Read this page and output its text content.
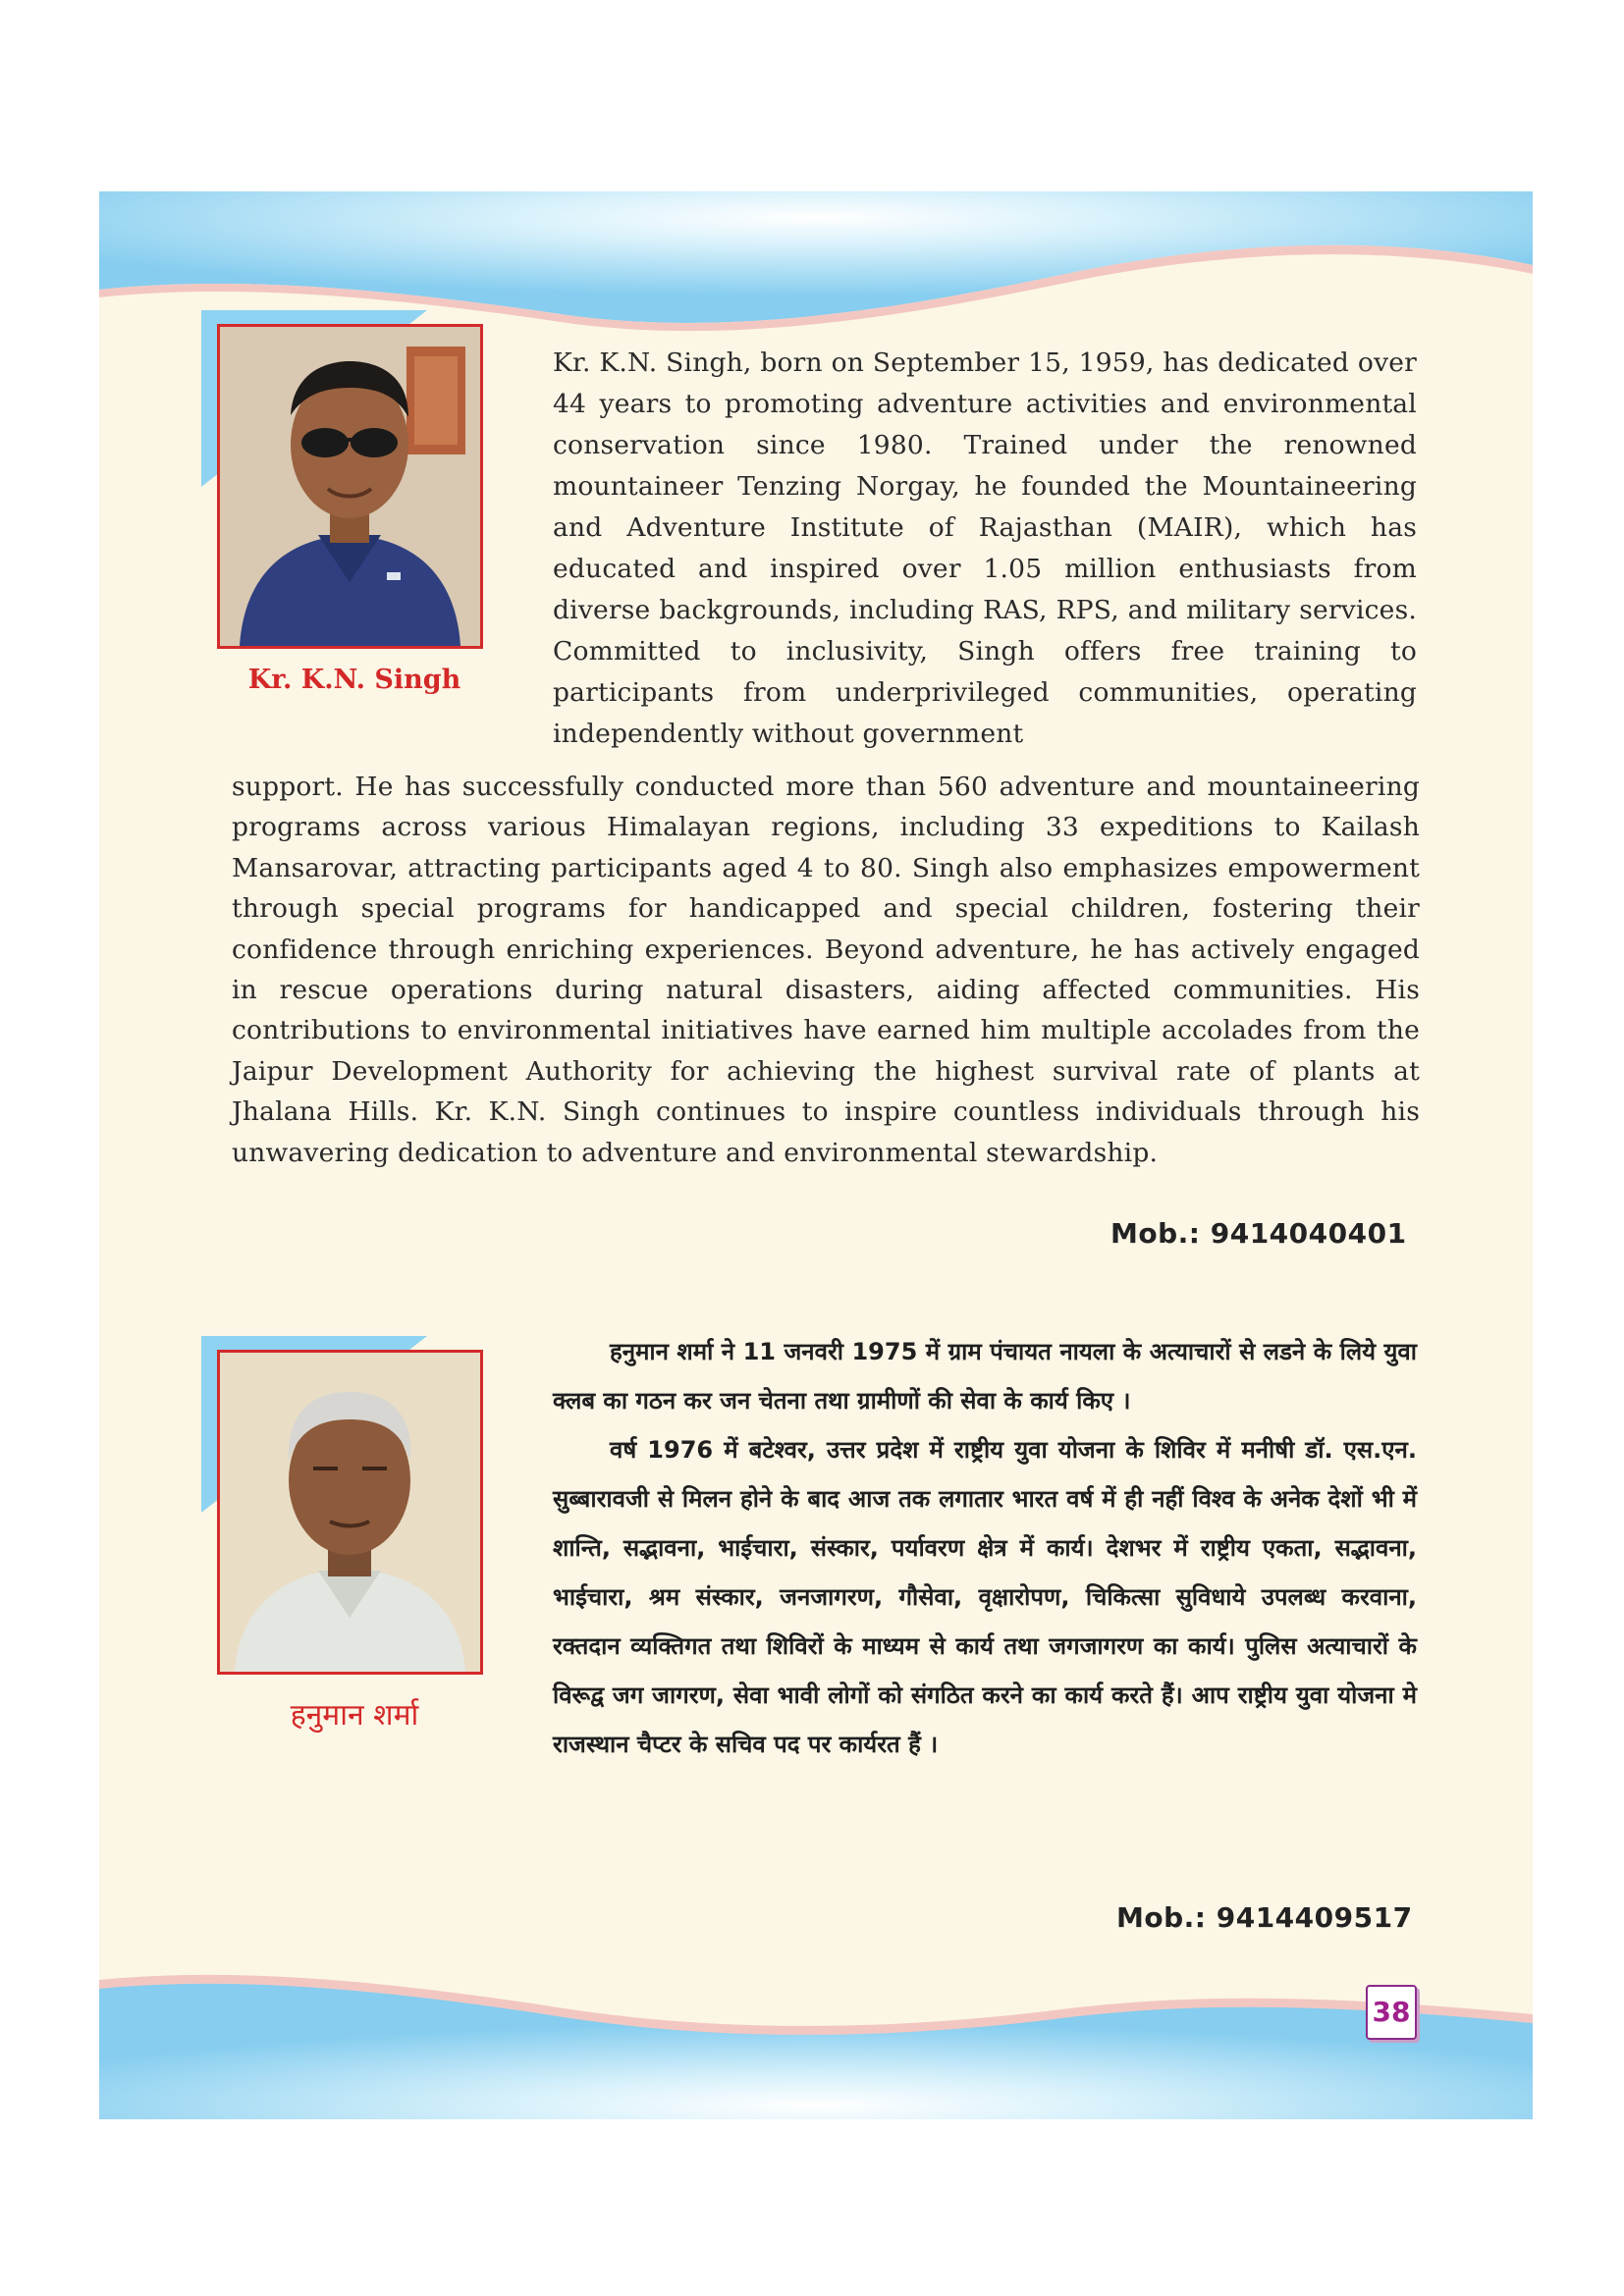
Kr. K.N. Singh

Kr. K.N. Singh, born on September 15, 1959, has dedicated over 44 years to promoting adventure activities and environmental conservation since 1980. Trained under the renowned mountaineer Tenzing Norgay, he founded the Mountaineering and Adventure Institute of Rajasthan (MAIR), which has educated and inspired over 1.05 million enthusiasts from diverse backgrounds, including RAS, RPS, and military services. Committed to inclusivity, Singh offers free training to participants from underprivileged communities, operating independently without government

support. He has successfully conducted more than 560 adventure and mountaineering programs across various Himalayan regions, including 33 expeditions to Kailash Mansarovar, attracting participants aged 4 to 80. Singh also emphasizes empowerment through special programs for handicapped and special children, fostering their confidence through enriching experiences. Beyond adventure, he has actively engaged in rescue operations during natural disasters, aiding affected communities. His contributions to environmental initiatives have earned him multiple accolades from the Jaipur Development Authority for achieving the highest survival rate of plants at Jhalana Hills. Kr. K.N. Singh continues to inspire countless individuals through his unwavering dedication to adventure and environmental stewardship.

Mob.: 9414040401
हनुमान शर्मा

हनुमान शर्मा ने 11 जनवरी 1975 में ग्राम पंचायत नायला के अत्याचारों से लडने के लिये युवा क्लब का गठन कर जन चेतना तथा ग्रामीणों की सेवा के कार्य किए ।

वर्ष 1976 में बटेश्वर, उत्तर प्रदेश में राष्ट्रीय युवा योजना के शिविर में मनीषी डॉ. एस.एन. सुब्बारावजी से मिलन होने के बाद आज तक लगातार भारत वर्ष में ही नहीं विश्व के अनेक देशों भी में शान्ति, सद्भावना, भाईचारा, संस्कार, पर्यावरण क्षेत्र में कार्य। देशभर में राष्ट्रीय एकता, सद्भावना, भाईचारा, श्रम संस्कार, जनजागरण, गौसेवा, वृक्षारोपण, चिकित्सा सुविधाये उपलब्ध करवाना, रक्तदान व्यक्तिगत तथा शिविरों के माध्यम से कार्य तथा जगजागरण का कार्य। पुलिस अत्याचारों के विरूद्व जग जागरण, सेवा भावी लोगों को संगठित करने का कार्य करते हैं। आप राष्ट्रीय युवा योजना मे राजस्थान चैप्टर के सचिव पद पर कार्यरत हैं ।

Mob.: 9414409517
38
